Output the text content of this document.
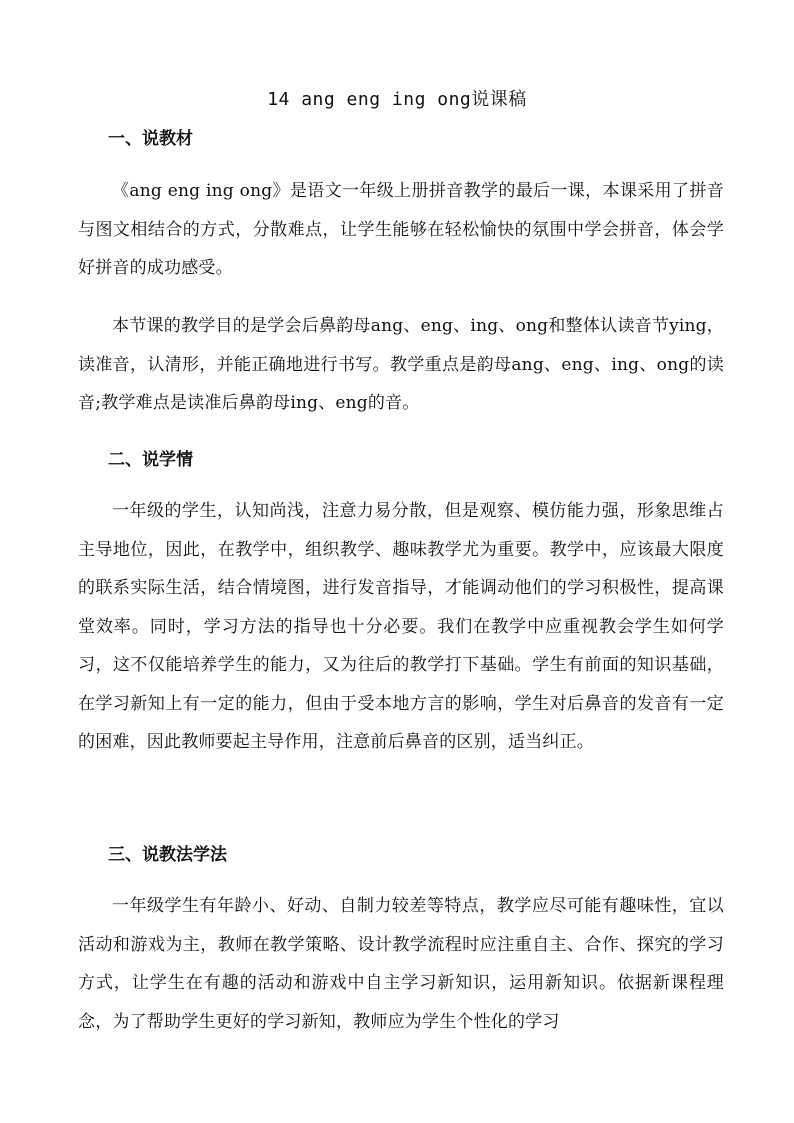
14 ang eng ing ong说课稿
一、说教材
《ang eng ing ong》是语文一年级上册拼音教学的最后一课，本课采用了拼音与图文相结合的方式，分散难点，让学生能够在轻松愉快的氛围中学会拼音，体会学好拼音的成功感受。
本节课的教学目的是学会后鼻韵母ang、eng、ing、ong和整体认读音节ying，读准音，认清形，并能正确地进行书写。教学重点是韵母ang、eng、ing、ong的读音;教学难点是读准后鼻韵母ing、eng的音。
二、说学情
一年级的学生，认知尚浅，注意力易分散，但是观察、模仿能力强，形象思维占主导地位，因此，在教学中，组织教学、趣味教学尤为重要。教学中，应该最大限度的联系实际生活，结合情境图，进行发音指导，才能调动他们的学习积极性，提高课堂效率。同时，学习方法的指导也十分必要。我们在教学中应重视教会学生如何学习，这不仅能培养学生的能力，又为往后的教学打下基础。学生有前面的知识基础，在学习新知上有一定的能力，但由于受本地方言的影响，学生对后鼻音的发音有一定的困难，因此教师要起主导作用，注意前后鼻音的区别，适当纠正。
三、说教法学法
一年级学生有年龄小、好动、自制力较差等特点，教学应尽可能有趣味性，宜以活动和游戏为主，教师在教学策略、设计教学流程时应注重自主、合作、探究的学习方式，让学生在有趣的活动和游戏中自主学习新知识，运用新知识。依据新课程理念，为了帮助学生更好的学习新知，教师应为学生个性化的学习
